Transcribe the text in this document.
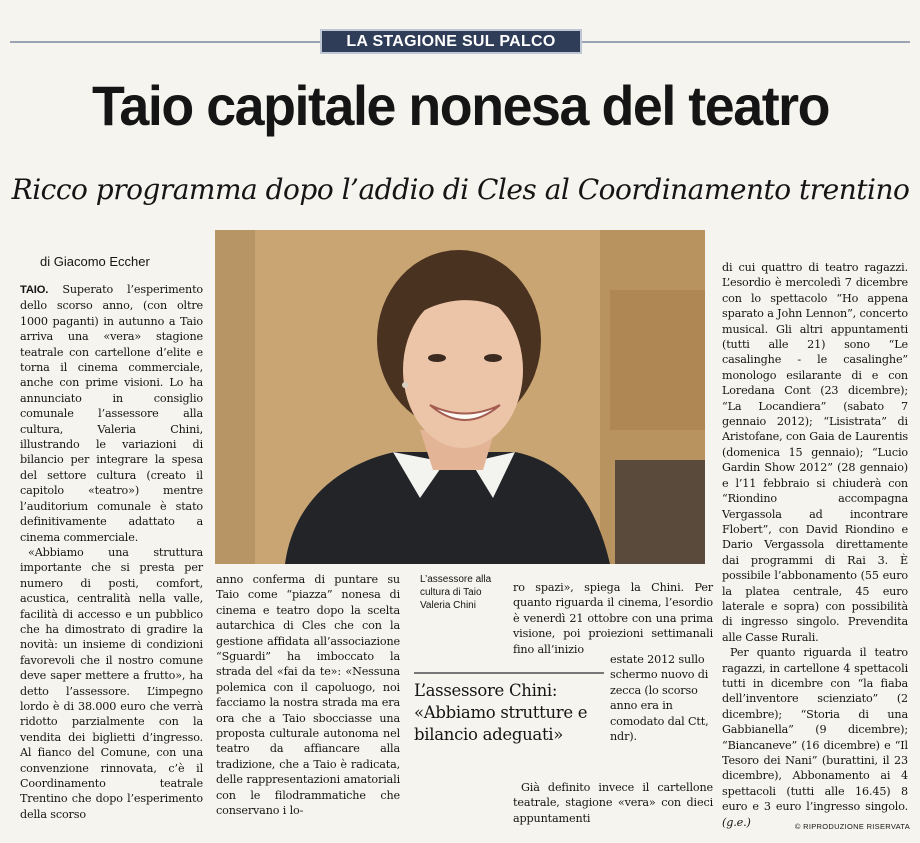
LA STAGIONE SUL PALCO
Taio capitale nonesa del teatro
Ricco programma dopo l’addio di Cles al Coordinamento trentino
di Giacomo Eccher

TAIO. Superato l’esperimento dello scorso anno, (con oltre 1000 paganti) in autunno a Taio arriva una «vera» stagione teatrale con cartellone d’elite e torna il cinema commerciale, anche con prime visioni. Lo ha annunciato in consiglio comunale l’assessore alla cultura, Valeria Chini, illustrando le variazioni di bilancio per integrare la spesa del settore cultura (creato il capitolo «teatro») mentre l’auditorium comunale è stato definitivamente adattato a cinema commerciale.

«Abbiamo una struttura importante che si presta per numero di posti, comfort, acustica, centralità nella valle, facilità di accesso e un pubblico che ha dimostrato di gradire la novità: un insieme di condizioni favorevoli che il nostro comune deve saper mettere a frutto», ha detto l’assessore. L’impegno lordo è di 38.000 euro che verrà ridotto parzialmente con la vendita dei biglietti d’ingresso. Al fianco del Comune, con una convenzione rinnovata, c’è il Coordinamento teatrale Trentino che dopo l’esperimento della scorso

anno conferma di puntare su Taio come “piazza” nonesa di cinema e teatro dopo la scelta autarchica di Cles che con la gestione affidata all’associazione “Sguardi” ha imboccato la strada del «fai da te»: «Nessuna polemica con il capoluogo, noi facciamo la nostra strada ma era ora che a Taio sbocciasse una proposta culturale autonoma nel teatro da affiancare alla tradizione, che a Taio è radicata, delle rappresentazioni amatoriali con le filodrammatiche che conservano i lo-

L’assessore alla cultura di Taio Valeria Chini

ro spazi», spiega la Chini. Per quanto riguarda il cinema, l’esordio è venerdì 21 ottobre con una prima visione, poi proiezioni settimanali fino all’inizio

L’assessore Chini:
«Abbiamo strutture e bilancio adeguati»

estate 2012 sullo schermo nuovo di zecca (lo scorso anno era in comodato dal Ctt, ndr).

Già definito invece il cartellone teatrale, stagione «vera» con dieci appuntamenti

di cui quattro di teatro ragazzi. L’esordio è mercoledì 7 dicembre con lo spettacolo “Ho appena sparato a John Lennon”, concerto musical. Gli altri appuntamenti (tutti alle 21) sono “Le casalinghe - le casalinghe” monologo esilarante di e con Loredana Cont (23 dicembre); “La Locandiera” (sabato 7 gennaio 2012); “Lisistrata” di Aristofane, con Gaia de Laurentis (domenica 15 gennaio); “Lucio Gardin Show 2012” (28 gennaio) e l’11 febbraio si chiuderà con “Riondino accompagna Vergassola ad incontrare Flobert”, con David Riondino e Dario Vergassola direttamente dai programmi di Rai 3. È possibile l’abbonamento (55 euro la platea centrale, 45 euro laterale e sopra) con possibilità di ingresso singolo. Prevendita alle Casse Rurali.

Per quanto riguarda il teatro ragazzi, in cartellone 4 spettacoli tutti in dicembre con “la fiaba dell’inventore scienziato” (2 dicembre); “Storia di una Gabbianella” (9 dicembre); “Biancaneve” (16 dicembre) e “Il Tesoro dei Nani” (burattini, il 23 dicembre), Abbonamento ai 4 spettacoli (tutti alle 16.45) 8 euro e 3 euro l’ingresso singolo. (g.e.)	© RIPRODUZIONE RISERVATA
